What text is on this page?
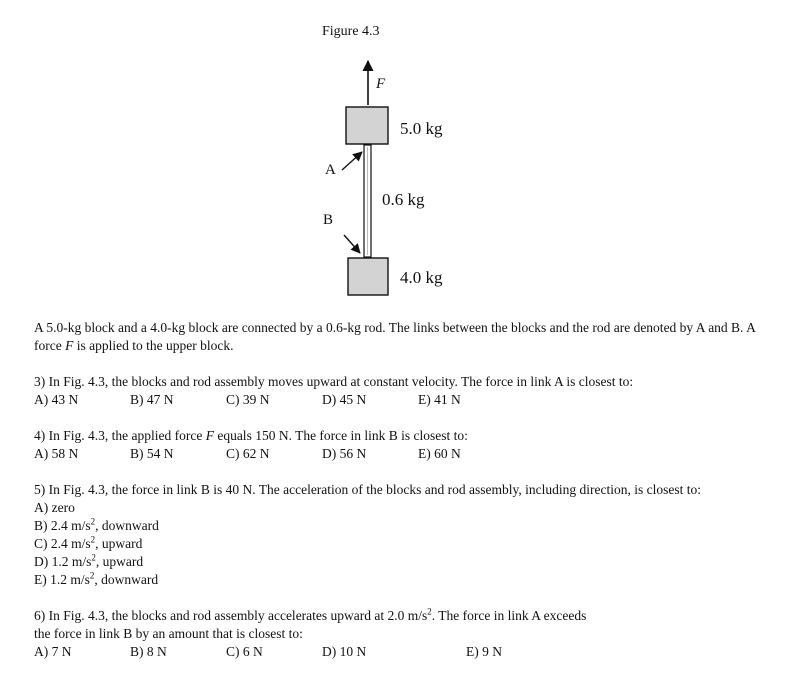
Figure 4.3
F
5.0 kg
0.6 kg
4.0 kg
A
B
A 5.0-kg block and a 4.0-kg block are connected by a 0.6-kg rod. The links between the blocks and the rod are denoted by A and B. A force F is applied to the upper block.
3) In Fig. 4.3, the blocks and rod assembly moves upward at constant velocity. The force in link A is closest to:
A) 43 N	B) 47 N	C) 39 N	D) 45 N	E) 41 N
4) In Fig. 4.3, the applied force F equals 150 N. The force in link B is closest to:
A) 58 N	B) 54 N	C) 62 N	D) 56 N	E) 60 N
5) In Fig. 4.3, the force in link B is 40 N. The acceleration of the blocks and rod assembly, including direction, is closest to:
A) zero
B) 2.4 $m/s^2$, downward
C) 2.4 $m/s^2$, upward
D) 1.2 $m/s^2$, upward
E) 1.2 $m/s^2$, downward
6) In Fig. 4.3, the blocks and rod assembly accelerates upward at 2.0 $m/s^2$. The force in link A exceeds
the force in link B by an amount that is closest to:
A) 7 N	B) 8 N	C) 6 N	D) 10 N	E) 9 N
